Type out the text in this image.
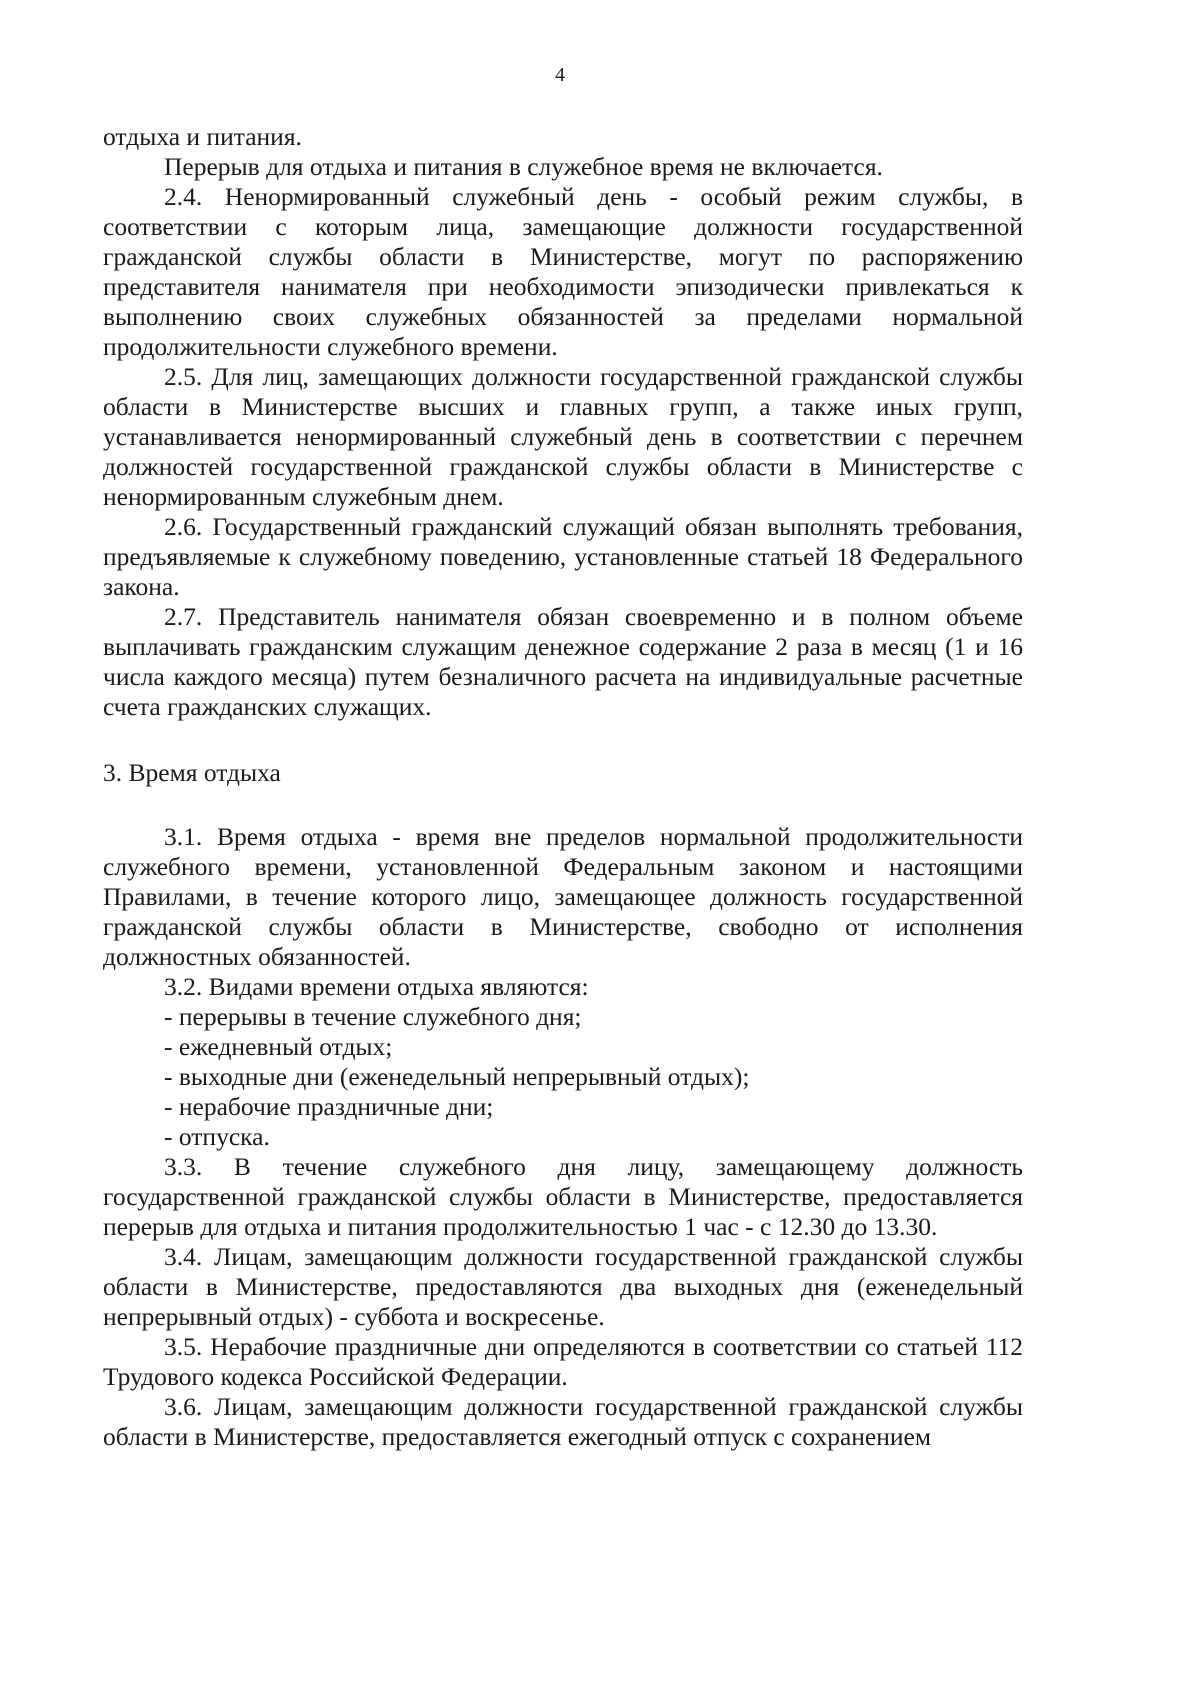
4

отдыха и питания.

Перерыв для отдыха и питания в служебное время не включается.

2.4. Ненормированный служебный день - особый режим службы, в соответствии с которым лица, замещающие должности государственной гражданской службы области в Министерстве, могут по распоряжению представителя нанимателя при необходимости эпизодически привлекаться к выполнению своих служебных обязанностей за пределами нормальной продолжительности служебного времени.

2.5. Для лиц, замещающих должности государственной гражданской службы области в Министерстве высших и главных групп, а также иных групп, устанавливается ненормированный служебный день в соответствии с перечнем должностей государственной гражданской службы области в Министерстве с ненормированным служебным днем.

2.6. Государственный гражданский служащий обязан выполнять требования, предъявляемые к служебному поведению, установленные статьей 18 Федерального закона.

2.7. Представитель нанимателя обязан своевременно и в полном объеме выплачивать гражданским служащим денежное содержание 2 раза в месяц (1 и 16 числа каждого месяца) путем безналичного расчета на индивидуальные расчетные счета гражданских служащих.

3. Время отдыха

3.1. Время отдыха - время вне пределов нормальной продолжительности служебного времени, установленной Федеральным законом и настоящими Правилами, в течение которого лицо, замещающее должность государственной гражданской службы области в Министерстве, свободно от исполнения должностных обязанностей.

3.2. Видами времени отдыха являются:

- перерывы в течение служебного дня;

- ежедневный отдых;

- выходные дни (еженедельный непрерывный отдых);

- нерабочие праздничные дни;

- отпуска.

3.3. В течение служебного дня лицу, замещающему должность государственной гражданской службы области в Министерстве, предоставляется перерыв для отдыха и питания продолжительностью 1 час - с 12.30 до 13.30.

3.4. Лицам, замещающим должности государственной гражданской службы области в Министерстве, предоставляются два выходных дня (еженедельный непрерывный отдых) - суббота и воскресенье.

3.5. Нерабочие праздничные дни определяются в соответствии со статьей 112 Трудового кодекса Российской Федерации.

3.6. Лицам, замещающим должности государственной гражданской службы области в Министерстве, предоставляется ежегодный отпуск с сохранением
